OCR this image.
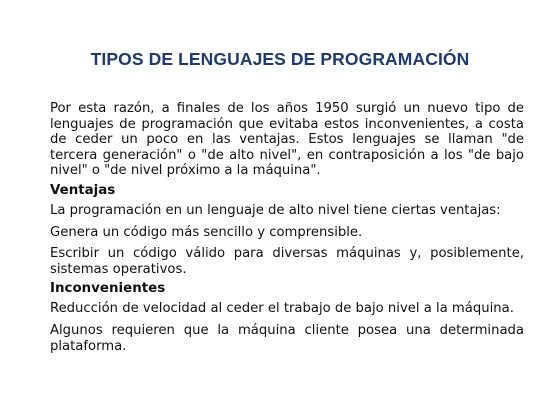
TIPOS DE LENGUAJES DE PROGRAMACIÓN

Por esta razón, a finales de los años 1950 surgió un nuevo tipo de lenguajes de programación que evitaba estos inconvenientes, a costa de ceder un poco en las ventajas. Estos lenguajes se llaman "de tercera generación" o "de alto nivel", en contraposición a los "de bajo nivel" o "de nivel próximo a la máquina".

Ventajas

La programación en un lenguaje de alto nivel tiene ciertas ventajas:

Genera un código más sencillo y comprensible.

Escribir un código válido para diversas máquinas y, posiblemente, sistemas operativos.

Inconvenientes

Reducción de velocidad al ceder el trabajo de bajo nivel a la máquina.

Algunos requieren que la máquina cliente posea una determinada plataforma.
